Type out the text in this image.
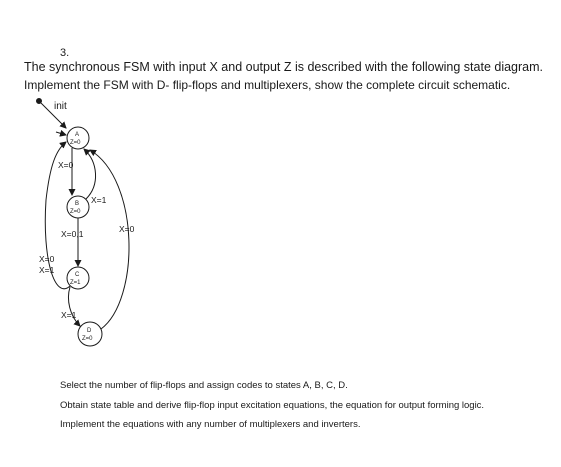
3.
The synchronous FSM with input X and output Z is described with the following state diagram.
Implement the FSM with D- flip-flops and multiplexers, show the complete circuit schematic.
init
A
Z=0
B
Z=0
C
Z=1
D
Z=0
X=0
X=1
X=0,1	X=0
X=0
X=1
X=1
Select the number of flip-flops and assign codes to states A, B, C, D.
Obtain state table and derive flip-flop input excitation equations, the equation for output forming logic.
Implement the equations with any number of multiplexers and inverters.
